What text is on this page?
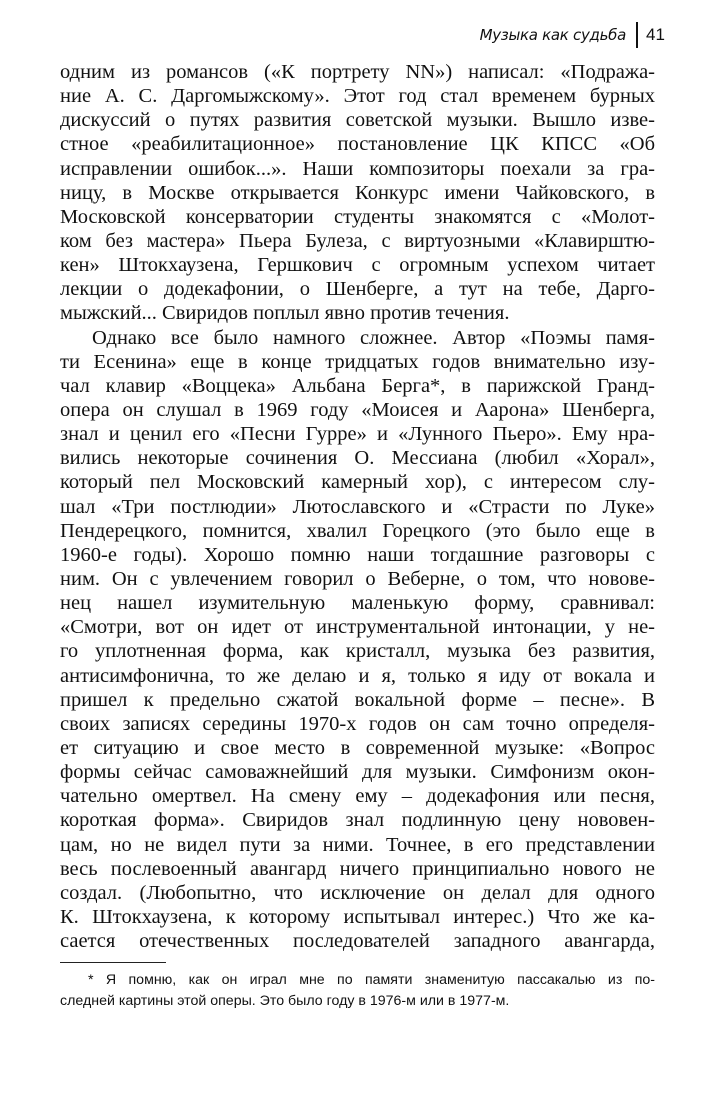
Музыка как судьба	41
одним из романсов («К портрету NN») написал: «Подража-
ние А. С. Даргомыжскому». Этот год стал временем бурных
дискуссий о путях развития советской музыки. Вышло изве-
стное «реабилитационное» постановление ЦК КПСС «Об
исправлении ошибок...». Наши композиторы поехали за гра-
ницу, в Москве открывается Конкурс имени Чайковского, в
Московской консерватории студенты знакомятся с «Молот-
ком без мастера» Пьера Булеза, с виртуозными «Клавирштю-
кен» Штокхаузена, Гершкович с огромным успехом читает
лекции о додекафонии, о Шенберге, а тут на тебе, Дарго-
мыжский... Свиридов поплыл явно против течения.
Однако все было намного сложнее. Автор «Поэмы памя-
ти Есенина» еще в конце тридцатых годов внимательно изу-
чал клавир «Воццека» Альбана Берга*, в парижской Гранд-
опера он слушал в 1969 году «Моисея и Аарона» Шенберга,
знал и ценил его «Песни Гурре» и «Лунного Пьеро». Ему нра-
вились некоторые сочинения О. Мессиана (любил «Хорал»,
который пел Московский камерный хор), с интересом слу-
шал «Три постлюдии» Лютославского и «Страсти по Луке»
Пендерецкого, помнится, хвалил Горецкого (это было еще в
1960-е годы). Хорошо помню наши тогдашние разговоры с
ним. Он с увлечением говорил о Веберне, о том, что нововe-
нец нашел изумительную маленькую форму, сравнивал:
«Смотри, вот он идет от инструментальной интонации, у не-
го уплотненная форма, как кристалл, музыка без развития,
антисимфонична, то же делаю и я, только я иду от вокала и
пришел к предельно сжатой вокальной форме – песне». В
своих записях середины 1970-х годов он сам точно определя-
ет ситуацию и свое место в современной музыке: «Вопрос
формы сейчас самоважнейший для музыки. Симфонизм окон-
чательно омертвел. На смену ему – додекафония или песня,
короткая форма». Свиридов знал подлинную цену нововен-
цам, но не видел пути за ними. Точнее, в его представлении
весь послевоенный авангард ничего принципиально нового не
создал. (Любопытно, что исключение он делал для одного
К. Штокхаузена, к которому испытывал интерес.) Что же ка-
сается отечественных последователей западного авангарда,
* Я помню, как он играл мне по памяти знаменитую пассакалью из по-
следней картины этой оперы. Это было году в 1976-м или в 1977-м.
